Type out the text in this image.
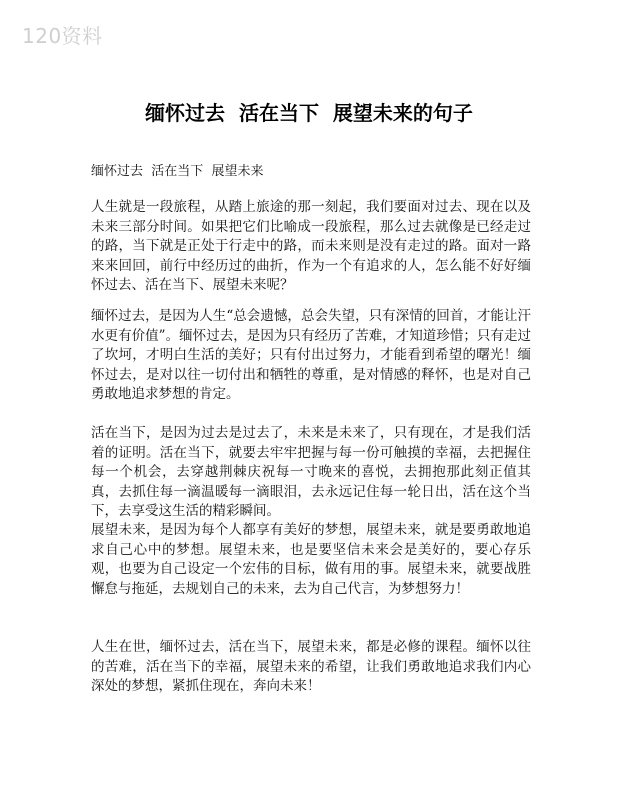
120资料
缅怀过去  活在当下  展望未来的句子
缅怀过去  活在当下  展望未来

人生就是一段旅程，从踏上旅途的那一刻起，我们要面对过去、现在以及未来三部分时间。如果把它们比喻成一段旅程，那么过去就像是已经走过的路，当下就是正处于行走中的路，而未来则是没有走过的路。面对一路来来回回，前行中经历过的曲折，作为一个有追求的人，怎么能不好好缅怀过去、活在当下、展望未来呢？

缅怀过去，是因为人生“总会遗憾，总会失望，只有深情的回首，才能让汗水更有价值”。缅怀过去，是因为只有经历了苦难，才知道珍惜；只有走过了坎坷，才明白生活的美好；只有付出过努力，才能看到希望的曙光！缅怀过去，是对以往一切付出和牺牲的尊重，是对情感的释怀，也是对自己勇敢地追求梦想的肯定。

活在当下，是因为过去是过去了，未来是未来了，只有现在，才是我们活着的证明。活在当下，就要去牢牢把握与每一份可触摸的幸福，去把握住每一个机会，去穿越荆棘庆祝每一寸晚来的喜悦，去拥抱那此刻正值其真，去抓住每一滴温暖每一滴眼泪，去永远记住每一轮日出，活在这个当下，去享受这生活的精彩瞬间。

展望未来，是因为每个人都享有美好的梦想，展望未来，就是要勇敢地追求自己心中的梦想。展望未来，也是要坚信未来会是美好的，要心存乐观，也要为自己设定一个宏伟的目标，做有用的事。展望未来，就要战胜懈怠与拖延，去规划自己的未来，去为自己代言，为梦想努力！

人生在世，缅怀过去，活在当下，展望未来，都是必修的课程。缅怀以往的苦难，活在当下的幸福，展望未来的希望，让我们勇敢地追求我们内心深处的梦想，紧抓住现在，奔向未来！
